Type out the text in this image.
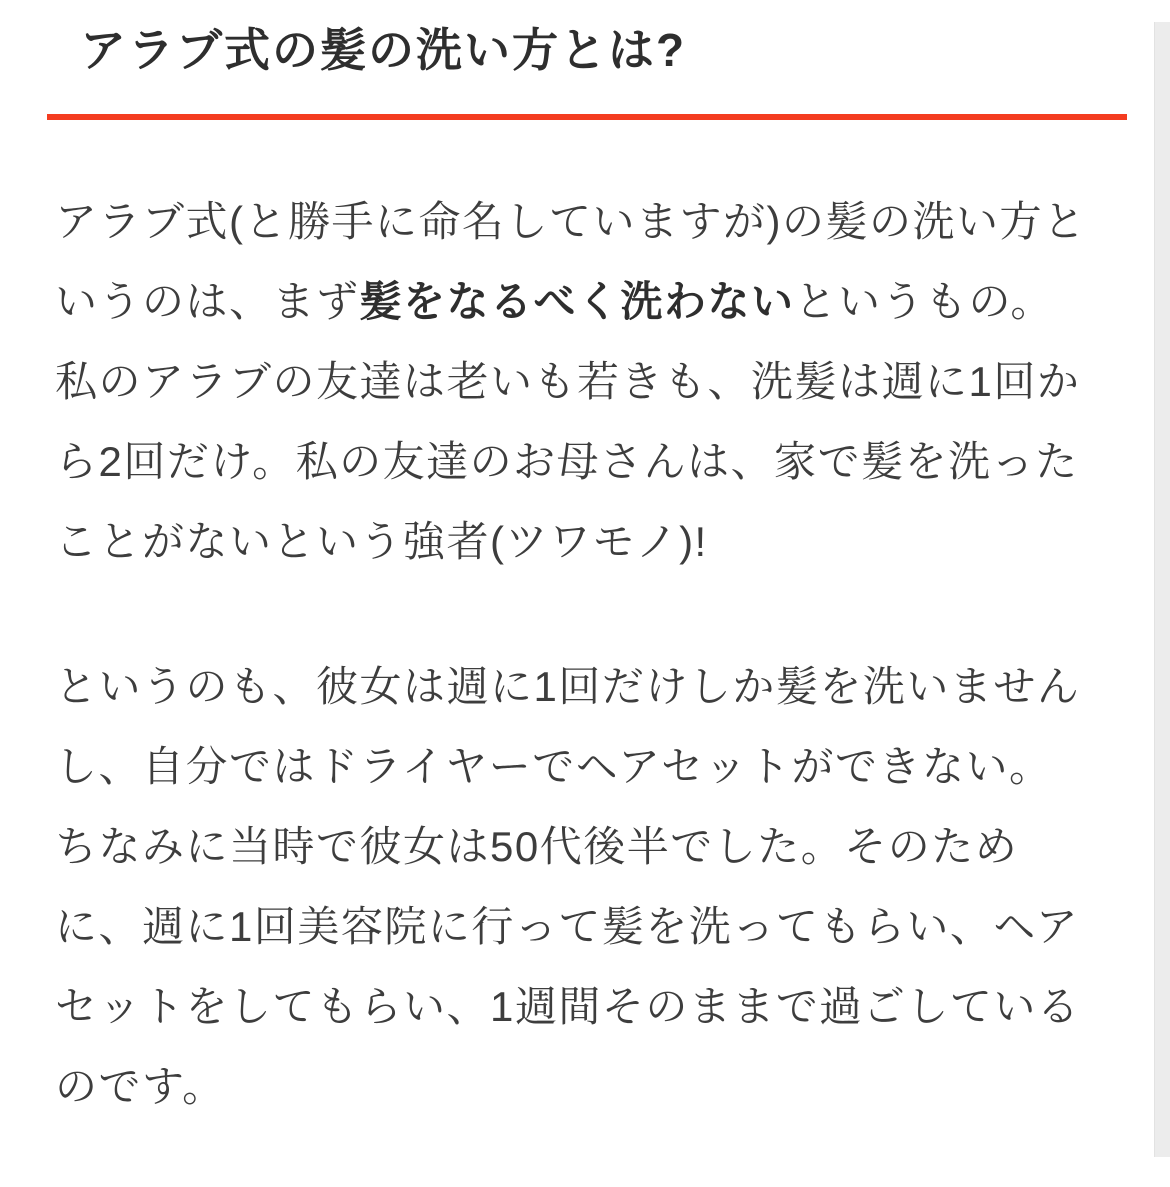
アラブ式の髪の洗い方とは?

アラブ式(と勝手に命名していますが)の髪の洗い方と
いうのは、まず髪をなるべく洗わないというもの。
私のアラブの友達は老いも若きも、洗髪は週に1回か
ら2回だけ。私の友達のお母さんは、家で髪を洗った
ことがないという強者(ツワモノ)!

というのも、彼女は週に1回だけしか髪を洗いません
し、自分ではドライヤーでヘアセットができない。
ちなみに当時で彼女は50代後半でした。そのため
に、週に1回美容院に行って髪を洗ってもらい、ヘア
セットをしてもらい、1週間そのままで過ごしている
のです。
